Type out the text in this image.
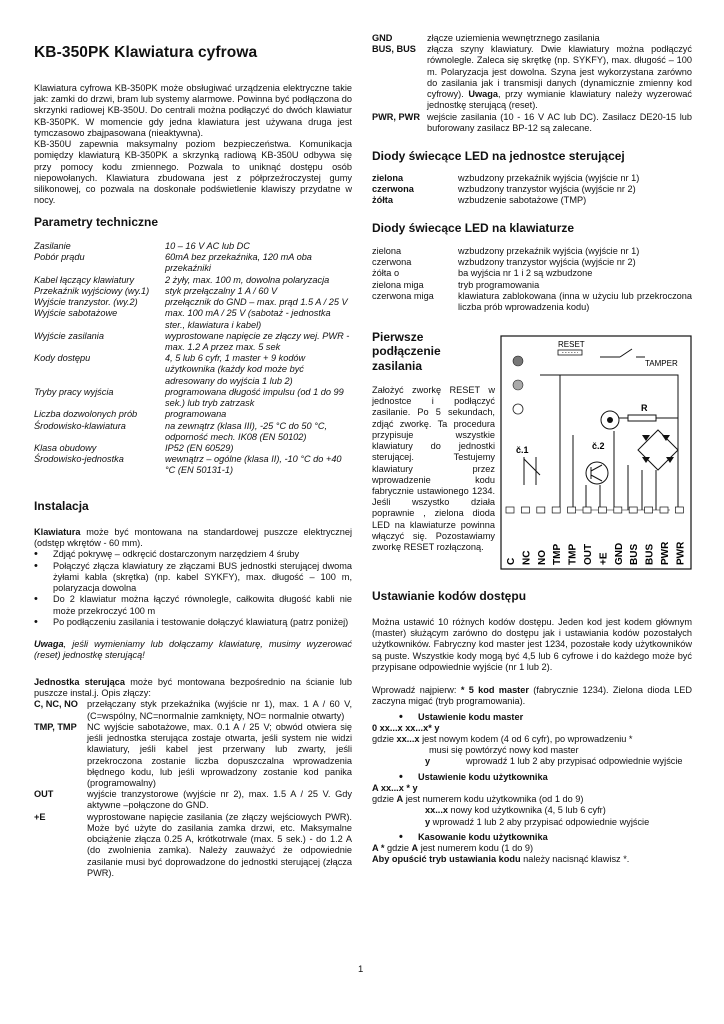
KB-350PK Klawiatura cyfrowa

Klawiatura cyfrowa KB-350PK może obsługiwać urządzenia elektryczne takie jak: zamki do drzwi, bram lub systemy alarmowe. Powinna być podłączona do skrzynki radiowej KB-350U. Do centrali można podłączyć do dwóch klawiatur KB-350PK. W momencie gdy jedna klawiatura jest używana druga jest tymczasowo zbajpasowana (nieaktywna).

KB-350U zapewnia maksymalny poziom bezpieczeństwa. Komunikacja pomiędzy klawiaturą KB-350PK a skrzynką radiową KB-350U odbywa się przy pomocy kodu zmiennego. Pozwala to uniknąć dostępu osób niepowołanych. Klawiatura zbudowana jest z półprzeźroczystej gumy silikonowej, co pozwala na doskonałe podświetlenie klawiszy przydatne w nocy.

Parametry techniczne
Zasilanie	10 – 16 V AC lub DC
Pobór prądu	60mA bez przekaźnika, 120 mA oba przekaźniki
Kabel łączący klawiatury	2 żyły, max. 100 m, dowolna polaryzacja
Przekaźnik wyjściowy (wy.1)	styk przełączalny 1 A / 60 V
Wyjście tranzystor. (wy.2)	przełącznik do GND – max. prąd 1.5 A / 25 V
Wyjście sabotażowe	max. 100 mA / 25 V (sabotaż - jednostka ster., klawiatura i kabel)
Wyjście zasilania	wyprostowane napięcie ze złączy wej. PWR - max. 1.2 A przez max. 5 sek
Kody dostępu	4, 5 lub 6 cyfr, 1 master + 9 kodów użytkownika (każdy kod może być adresowany do wyjścia 1 lub 2)
Tryby pracy wyjścia	programowana długość impulsu (od 1 do 99 sek.) lub tryb zatrzask
Liczba dozwolonych prób	programowana
Środowisko-klawiatura	na zewnątrz (klasa III), -25 °C do 50 °C, odporność mech. IK08 (EN 50102)
Klasa obudowy	IP52 (EN 60529)
Środowisko-jednostka	wewnątrz – ogólne (klasa II), -10 °C do +40 °C (EN 50131-1)
Instalacja

Klawiatura może być montowana na standardowej puszcze elektrycznej (odstęp wkrętów - 60 mm).

• Zdjąć pokrywę – odkręcić dostarczonym narzędziem 4 śruby
• Połączyć złącza klawiatury ze złączami BUS jednostki sterującej dwoma żyłami kabla (skrętka) (np. kabel SYKFY), max. długość – 100 m, polaryzacja dowolna
• Do 2 klawiatur można łączyć równolegle, całkowita długość kabli nie może przekroczyć 100 m
• Po podłączeniu zasilania i testowanie dołączyć klawiaturą (patrz poniżej)

Uwaga, jeśli wymieniamy lub dołączamy klawiaturę, musimy wyzerować (reset) jednostkę sterującą!

Jednostka sterująca może być montowana bezpośrednio na ścianie lub puszcze instal.j. Opis złączy:

C, NC, NO przełączany styk przekaźnika (wyjście nr 1), max. 1 A / 60 V, (C=wspólny, NC=normalnie zamknięty, NO= normalnie otwarty)
TMP, TMP	NC wyjście sabotażowe, max. 0.1 A / 25 V; obwód otwiera się jeśli jednostka sterująca zostaje otwarta, jeśli system nie widzi klawiatury, jeśli kabel jest przerwany lub zwarty, jeśli przekroczona zostanie liczba dopuszczalna wprowadzenia błędnego kodu, lub jeśli wprowadzony zostanie kod panika (programowalny)
OUT	wyjście tranzystorowe (wyjście nr 2), max. 1.5 A / 25 V. Gdy aktywne –połączone do GND.
+E	wyprostowane napięcie zasilania (ze złączy wejściowych PWR). Może być użyte do zasilania zamka drzwi, etc. Maksymalne obciążenie złącza 0.25 A, krótkotrwale (max. 5 sek.) - do 1.2 A (do zwolnienia zamka). Należy zauważyć że odpowiednie zasilanie musi być doprowadzone do jednostki sterującej (złącza PWR).
GND	złącze uziemienia wewnętrznego zasilania
BUS, BUS	złącza szyny klawiatury. Dwie klawiatury można podłączyć równolegle. Zaleca się skrętkę (np. SYKFY), max. długość – 100 m. Polaryzacja jest dowolna. Szyna jest wykorzystana zarówno do zasilania jak i transmisji danych (dynamicznie zmienny kod cyfrowy). Uwaga, przy wymianie klawiatury należy wyzerować jednostkę sterującą (reset).
PWR, PWR wejście zasilania (10 - 16 V AC lub DC). Zasilacz DE20-15 lub buforowany zasilacz BP-12 są zalecane.
Diody świecące LED na jednostce sterującej
zielona	wzbudzony przekaźnik wyjścia (wyjście nr 1)
czerwona	wzbudzony tranzystor wyjścia (wyjście nr 2)
żółta	wzbudzenie sabotażowe (TMP)
Diody świecące LED na klawiaturze
zielona	wzbudzony przekaźnik wyjścia (wyjście nr 1)
czerwona	wzbudzony tranzystor wyjścia (wyjście nr 2)
żółta o	ba wyjścia nr 1 i 2 są wzbudzone
zielona miga	tryb programowania
czerwona miga	klawiatura zablokowana (inna w użyciu lub przekroczona liczba prób wprowadzenia kodu)
Pierwsze podłączenie zasilania

Założyć zworkę RESET w jednostce i podłączyć zasilanie. Po 5 sekundach, zdjąć zworkę. Ta procedura przypisuje wszystkie klawiatury do jednostki sterującej. Testujemy klawiatury przez wprowadzenie kodu fabrycznie ustawionego 1234. Jeśli wszystko działa poprawnie , zielona dioda LED na klawiaturze powinna włączyć się. Pozostawiamy zworkę RESET rozłączoną.

RESET
TAMPER
R
č.2
č.1
C NC NO TMP TMP OUT +E GND BUS BUS PWR PWR
Ustawianie kodów dostępu

Można ustawić 10 różnych kodów dostępu. Jeden kod jest kodem głównym (master) służącym zarówno do dostępu jak i ustawiania kodów pozostałych użytkowników. Fabryczny kod master jest 1234, pozostałe kody użytkowników są puste. Wszystkie kody mogą być 4,5 lub 6 cyfrowe i do każdego może być przypisane odpowiednie wyjście (nr 1 lub 2).

Wprowadź najpierw: * 5 kod master (fabrycznie 1234). Zielona dioda LED zaczyna migać (tryb programowania).

• Ustawienie kodu master
0 xx...x xx...x* y
gdzie xx...x jest nowym kodem (4 od 6 cyfr), po wprowadzeniu *
musi się powtórzyć nowy kod master
y	wprowadź 1 lub 2 aby przypisać odpowiednie wyjście
• Ustawienie kodu użytkownika
A xx...x * y
gdzie A jest numerem kodu użytkownika (od 1 do 9)
xx...x nowy kod użytkownika (4, 5 lub 6 cyfr)
y wprowadź 1 lub 2 aby przypisać odpowiednie wyjście
• Kasowanie kodu użytkownika
A * gdzie A jest numerem kodu (1 do 9)
Aby opuścić tryb ustawiania kodu należy nacisnąć klawisz *.
1
